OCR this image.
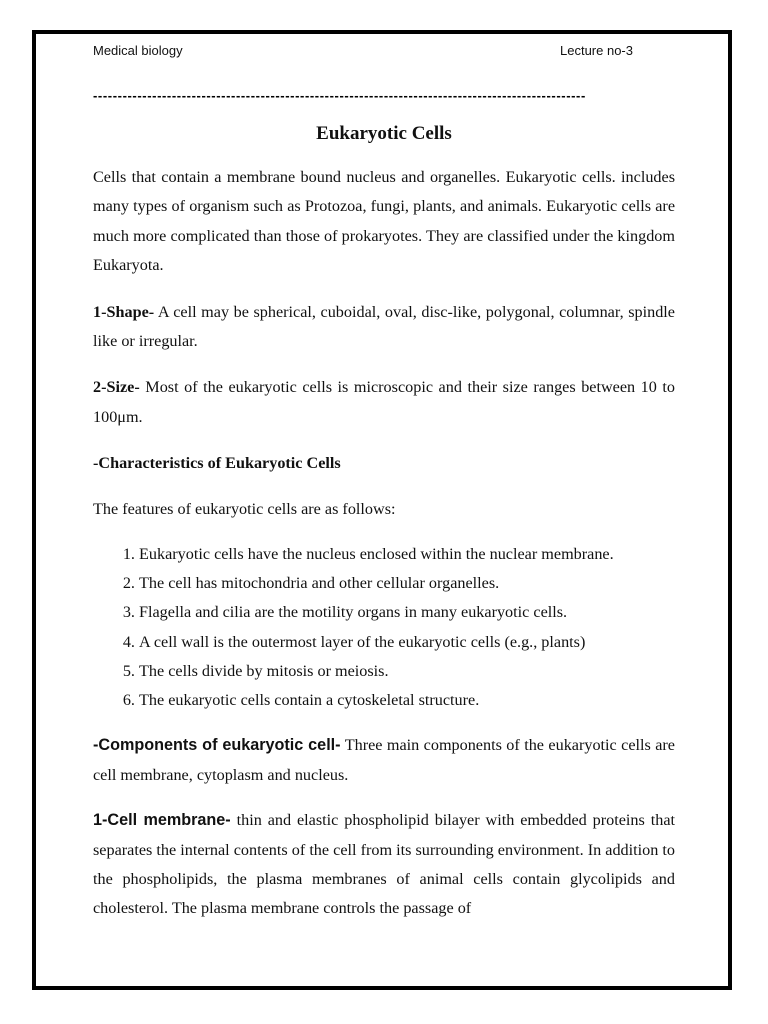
Medical biology	Lecture no-3
----------------------------------------------------------------------------------------------------
Eukaryotic Cells

Cells that contain a membrane bound nucleus and organelles. Eukaryotic cells. includes many types of organism such as Protozoa, fungi, plants, and animals. Eukaryotic cells are much more complicated than those of prokaryotes. They are classified under the kingdom Eukaryota.

1-Shape- A cell may be spherical, cuboidal, oval, disc-like, polygonal, columnar, spindle like or irregular.

2-Size- Most of the eukaryotic cells is microscopic and their size ranges between 10 to 100μm.

-Characteristics of Eukaryotic Cells

The features of eukaryotic cells are as follows:

1. Eukaryotic cells have the nucleus enclosed within the nuclear membrane.
2. The cell has mitochondria and other cellular organelles.
3. Flagella and cilia are the motility organs in many eukaryotic cells.
4. A cell wall is the outermost layer of the eukaryotic cells (e.g., plants)
5. The cells divide by mitosis or meiosis.
6. The eukaryotic cells contain a cytoskeletal structure.

-Components of eukaryotic cell- Three main components of the eukaryotic cells are cell membrane, cytoplasm and nucleus.

1-Cell membrane- thin and elastic phospholipid bilayer with embedded proteins that separates the internal contents of the cell from its surrounding environment. In addition to the phospholipids, the plasma membranes of animal cells contain glycolipids and cholesterol. The plasma membrane controls the passage of
